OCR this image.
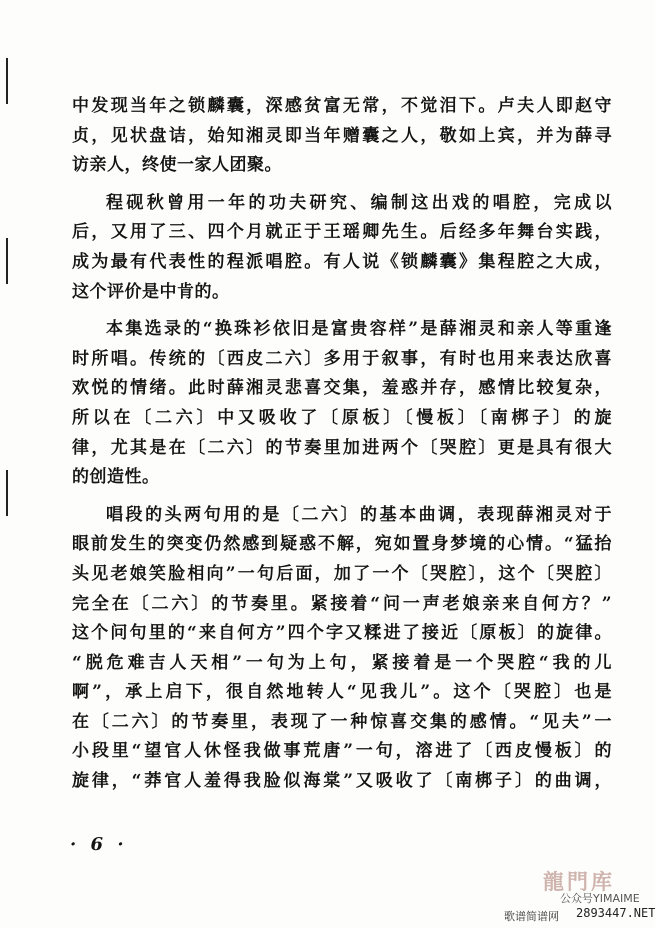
中发现当年之锁麟囊，深感贫富无常，不觉泪下。卢夫人即赵守
贞，见状盘诘，始知湘灵即当年赠囊之人，敬如上宾，并为薛寻
访亲人，终使一家人团聚。
程砚秋曾用一年的功夫研究、编制这出戏的唱腔，完成以
后，又用了三、四个月就正于王瑶卿先生。后经多年舞台实践，
成为最有代表性的程派唱腔。有人说《锁麟囊》集程腔之大成，
这个评价是中肯的。
本集选录的“换珠衫依旧是富贵容样”是薛湘灵和亲人等重逢
时所唱。传统的〔西皮二六〕多用于叙事，有时也用来表达欣喜
欢悦的情绪。此时薛湘灵悲喜交集，羞惑并存，感情比较复杂，
所以在〔二六〕中又吸收了〔原板〕〔慢板〕〔南梆子〕的旋
律，尤其是在〔二六〕的节奏里加进两个〔哭腔〕更是具有很大
的创造性。
唱段的头两句用的是〔二六〕的基本曲调，表现薛湘灵对于
眼前发生的突变仍然感到疑惑不解，宛如置身梦境的心情。“猛抬
头见老娘笑脸相向”一句后面，加了一个〔哭腔〕，这个〔哭腔〕
完全在〔二六〕的节奏里。紧接着“问一声老娘亲来自何方？”
这个问句里的“来自何方”四个字又糅进了接近〔原板〕的旋律。
“脱危难吉人天相”一句为上句，紧接着是一个哭腔“我的儿
啊”，承上启下，很自然地转人“见我儿”。这个〔哭腔〕也是
在〔二六〕的节奏里，表现了一种惊喜交集的感情。“见夫”一
小段里“望官人休怪我做事荒唐”一句，溶进了〔西皮慢板〕的
旋律，“莽官人羞得我脸似海棠”又吸收了〔南梆子〕的曲调，
· 6 ·
龍門库
公众号YIMAIME
歌谱简谱网 2893447.NET
